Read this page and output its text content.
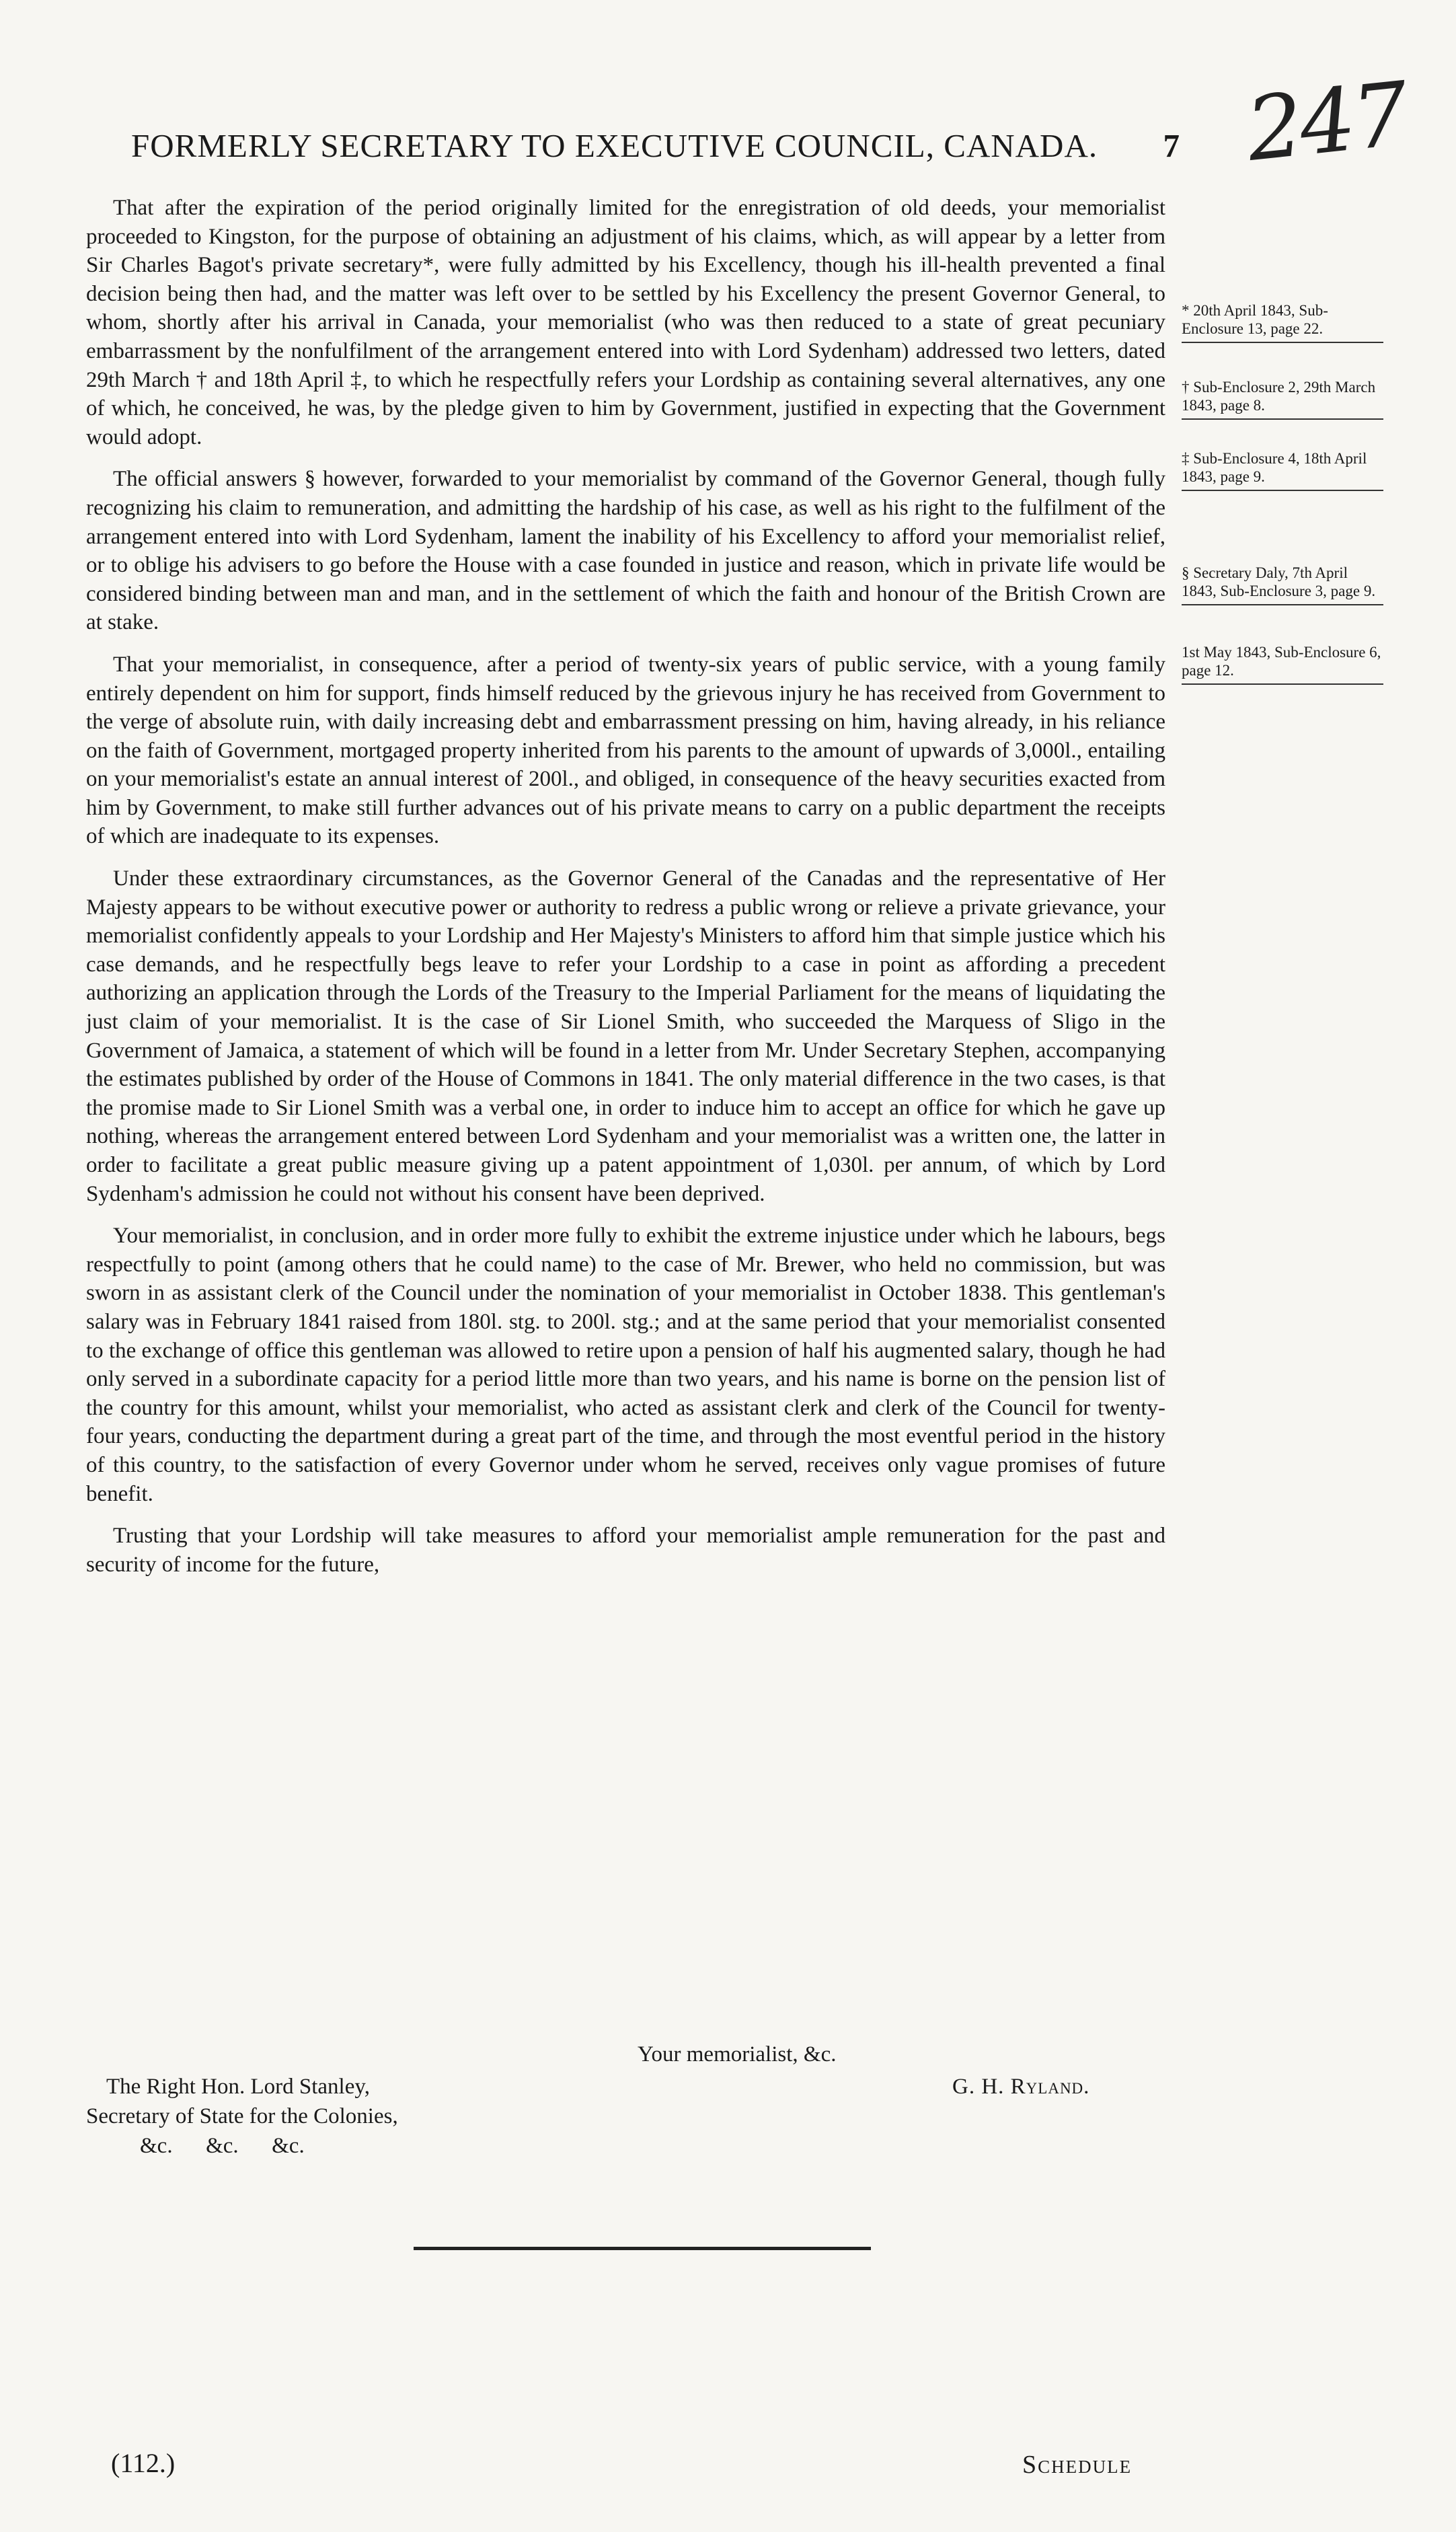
247
FORMERLY SECRETARY TO EXECUTIVE COUNCIL, CANADA. 7

That after the expiration of the period originally limited for the enregistration of old deeds, your memorialist proceeded to Kingston, for the purpose of obtaining an adjustment of his claims, which, as will appear by a letter from Sir Charles Bagot's private secretary*, were fully admitted by his Excellency, though his ill-health prevented a final decision being then had, and the matter was left over to be settled by his Excellency the present Governor General, to whom, shortly after his arrival in Canada, your memorialist (who was then reduced to a state of great pecuniary embarrassment by the nonfulfilment of the arrangement entered into with Lord Sydenham) addressed two letters, dated 29th March † and 18th April ‡, to which he respectfully refers your Lordship as containing several alternatives, any one of which, he conceived, he was, by the pledge given to him by Government, justified in expecting that the Government would adopt.

The official answers § however, forwarded to your memorialist by command of the Governor General, though fully recognizing his claim to remuneration, and admitting the hardship of his case, as well as his right to the fulfilment of the arrangement entered into with Lord Sydenham, lament the inability of his Excellency to afford your memorialist relief, or to oblige his advisers to go before the House with a case founded in justice and reason, which in private life would be considered binding between man and man, and in the settlement of which the faith and honour of the British Crown are at stake.

That your memorialist, in consequence, after a period of twenty-six years of public service, with a young family entirely dependent on him for support, finds himself reduced by the grievous injury he has received from Government to the verge of absolute ruin, with daily increasing debt and embarrassment pressing on him, having already, in his reliance on the faith of Government, mortgaged property inherited from his parents to the amount of upwards of 3,000l., entailing on your memorialist's estate an annual interest of 200l., and obliged, in consequence of the heavy securities exacted from him by Government, to make still further advances out of his private means to carry on a public department the receipts of which are inadequate to its expenses.

Under these extraordinary circumstances, as the Governor General of the Canadas and the representative of Her Majesty appears to be without executive power or authority to redress a public wrong or relieve a private grievance, your memorialist confidently appeals to your Lordship and Her Majesty's Ministers to afford him that simple justice which his case demands, and he respectfully begs leave to refer your Lordship to a case in point as affording a precedent authorizing an application through the Lords of the Treasury to the Imperial Parliament for the means of liquidating the just claim of your memorialist. It is the case of Sir Lionel Smith, who succeeded the Marquess of Sligo in the Government of Jamaica, a statement of which will be found in a letter from Mr. Under Secretary Stephen, accompanying the estimates published by order of the House of Commons in 1841. The only material difference in the two cases, is that the promise made to Sir Lionel Smith was a verbal one, in order to induce him to accept an office for which he gave up nothing, whereas the arrangement entered between Lord Sydenham and your memorialist was a written one, the latter in order to facilitate a great public measure giving up a patent appointment of 1,030l. per annum, of which by Lord Sydenham's admission he could not without his consent have been deprived.

Your memorialist, in conclusion, and in order more fully to exhibit the extreme injustice under which he labours, begs respectfully to point (among others that he could name) to the case of Mr. Brewer, who held no commission, but was sworn in as assistant clerk of the Council under the nomination of your memorialist in October 1838. This gentleman's salary was in February 1841 raised from 180l. stg. to 200l. stg.; and at the same period that your memorialist consented to the exchange of office this gentleman was allowed to retire upon a pension of half his augmented salary, though he had only served in a subordinate capacity for a period little more than two years, and his name is borne on the pension list of the country for this amount, whilst your memorialist, who acted as assistant clerk and clerk of the Council for twenty-four years, conducting the department during a great part of the time, and through the most eventful period in the history of this country, to the satisfaction of every Governor under whom he served, receives only vague promises of future benefit.

Trusting that your Lordship will take measures to afford your memorialist ample remuneration for the past and security of income for the future,

* 20th April 1843, Sub-Enclosure 13, page 22.
† Sub-Enclosure 2, 29th March 1843, page 8.
‡ Sub-Enclosure 4, 18th April 1843, page 9.
§ Secretary Daly, 7th April 1843, Sub-Enclosure 3, page 9.
1st May 1843, Sub-Enclosure 6, page 12.
Your memorialist, &c.
G. H. Ryland.
The Right Hon. Lord Stanley,
Secretary of State for the Colonies,
&c.      &c.      &c.
(112.)	Schedule
